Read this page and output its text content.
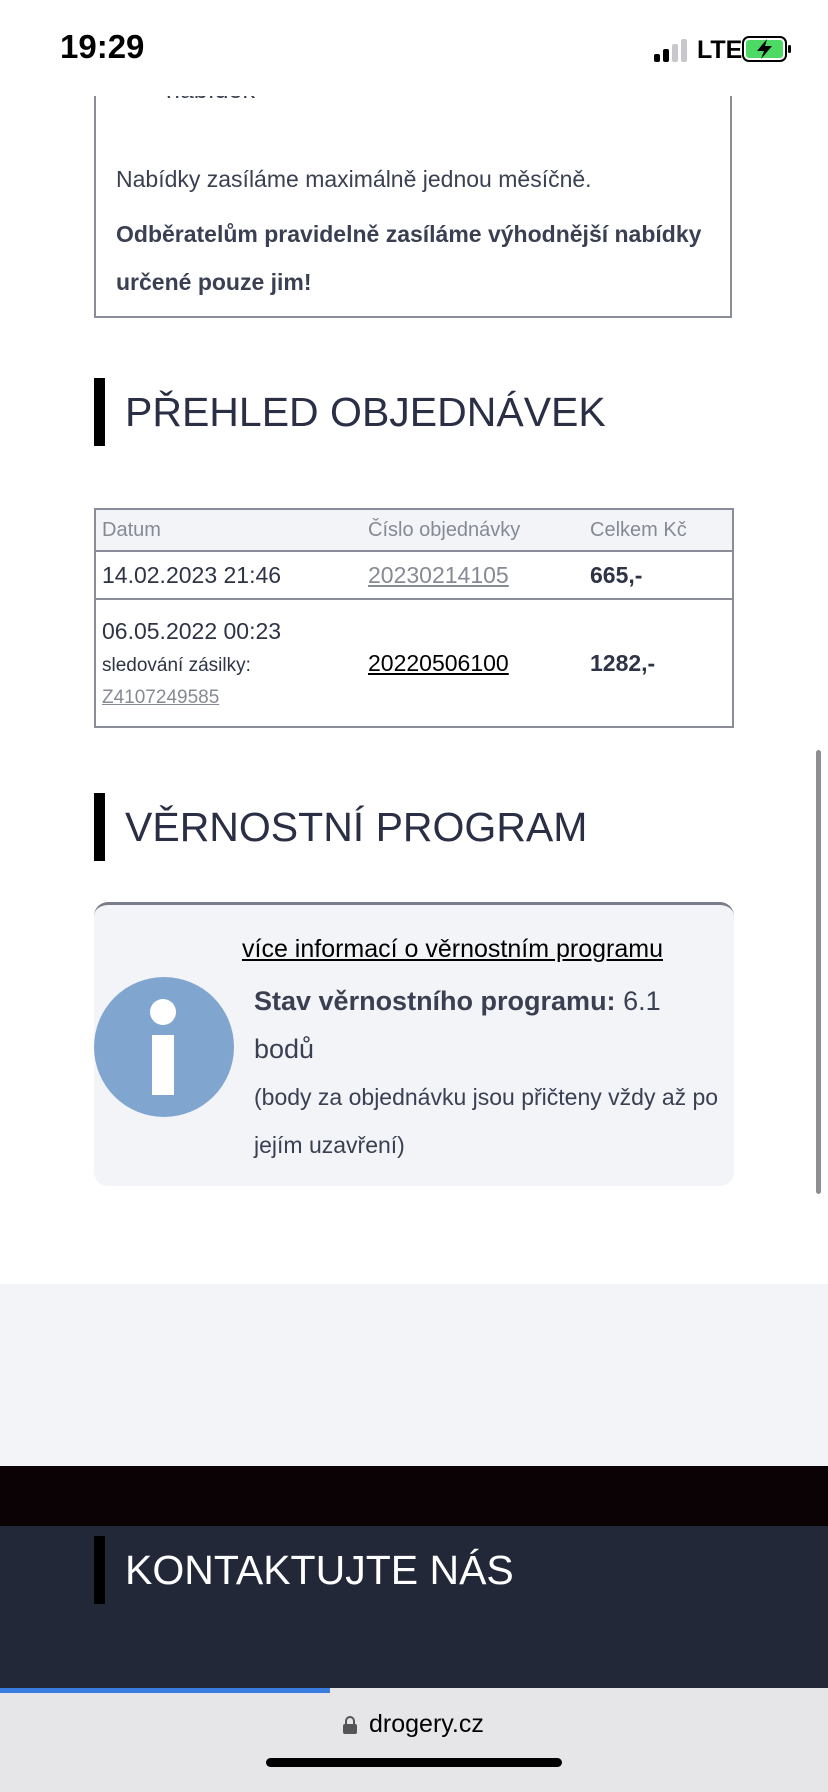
Nabídky zasíláme maximálně jednou měsíčně.
Odběratelům pravidelně zasíláme výhodnější nabídky určené pouze jim!
PŘEHLED OBJEDNÁVEK
Datum	Číslo objednávky	Celkem Kč
14.02.2023 21:46	20230214105	665,-

06.05.2022 00:23
sledování zásilky:
Z4107249585	20220506100	1282,-
VĚRNOSTNÍ PROGRAM
více informací o věrnostním programu
Stav věrnostního programu: 6.1 bodů
(body za objednávku jsou přičteny vždy až po jejím uzavření)
KONTAKTUJTE NÁS
19:29	LTE
drogery.cz
